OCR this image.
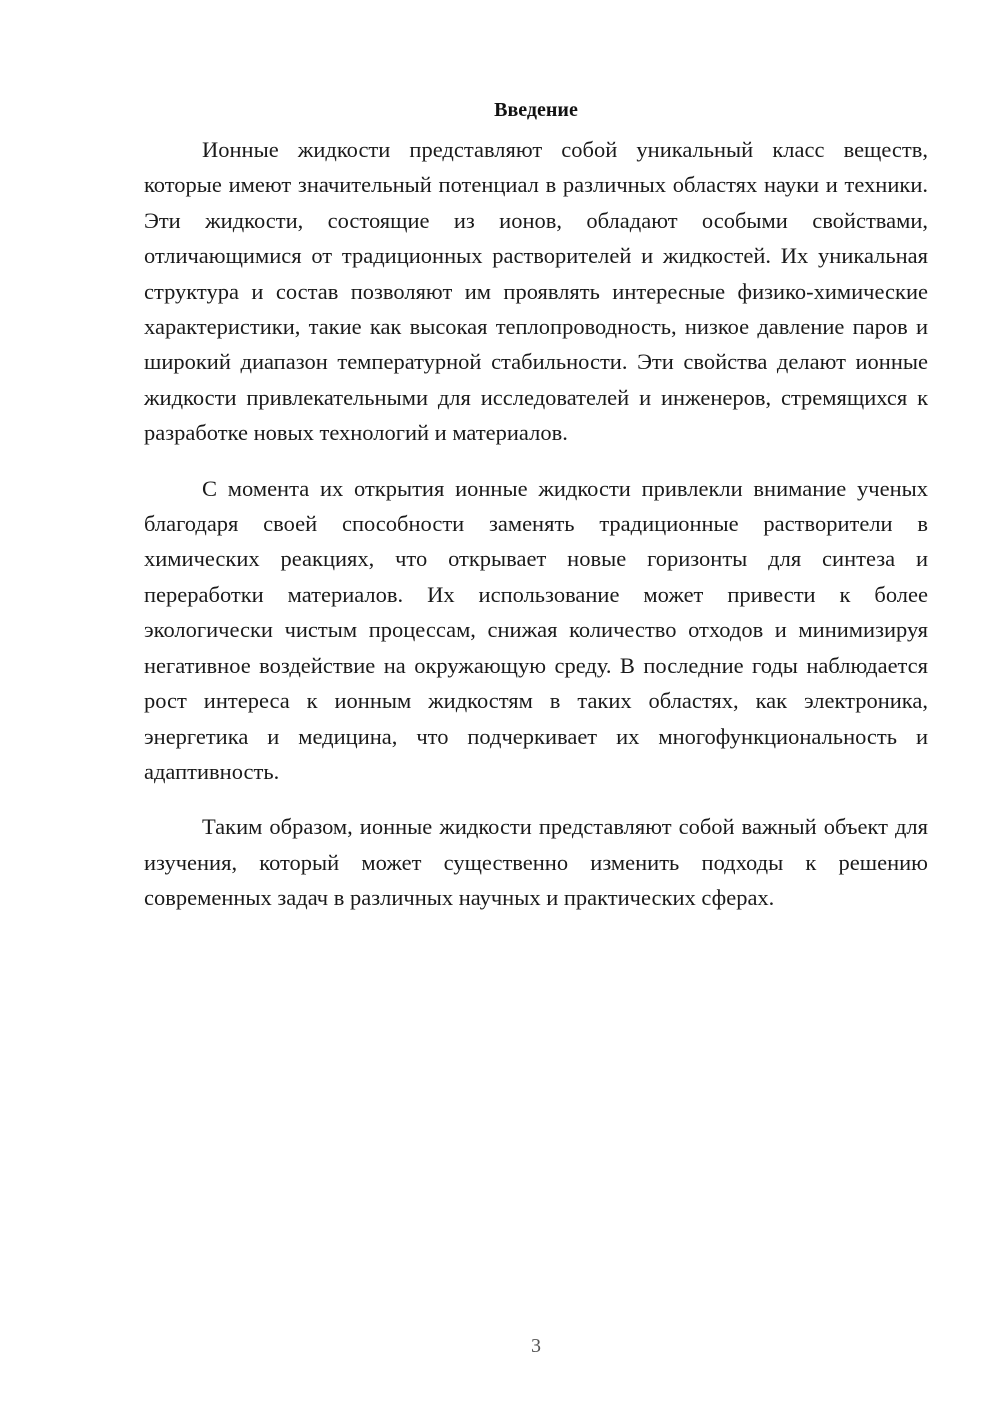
Введение

Ионные жидкости представляют собой уникальный класс веществ, которые имеют значительный потенциал в различных областях науки и техники. Эти жидкости, состоящие из ионов, обладают особыми свойствами, отличающимися от традиционных растворителей и жидкостей. Их уникальная структура и состав позволяют им проявлять интересные физико-химические характеристики, такие как высокая теплопроводность, низкое давление паров и широкий диапазон температурной стабильности. Эти свойства делают ионные жидкости привлекательными для исследователей и инженеров, стремящихся к разработке новых технологий и материалов.

С момента их открытия ионные жидкости привлекли внимание ученых благодаря своей способности заменять традиционные растворители в химических реакциях, что открывает новые горизонты для синтеза и переработки материалов. Их использование может привести к более экологически чистым процессам, снижая количество отходов и минимизируя негативное воздействие на окружающую среду. В последние годы наблюдается рост интереса к ионным жидкостям в таких областях, как электроника, энергетика и медицина, что подчеркивает их многофункциональность и адаптивность.

Таким образом, ионные жидкости представляют собой важный объект для изучения, который может существенно изменить подходы к решению современных задач в различных научных и практических сферах.

3
